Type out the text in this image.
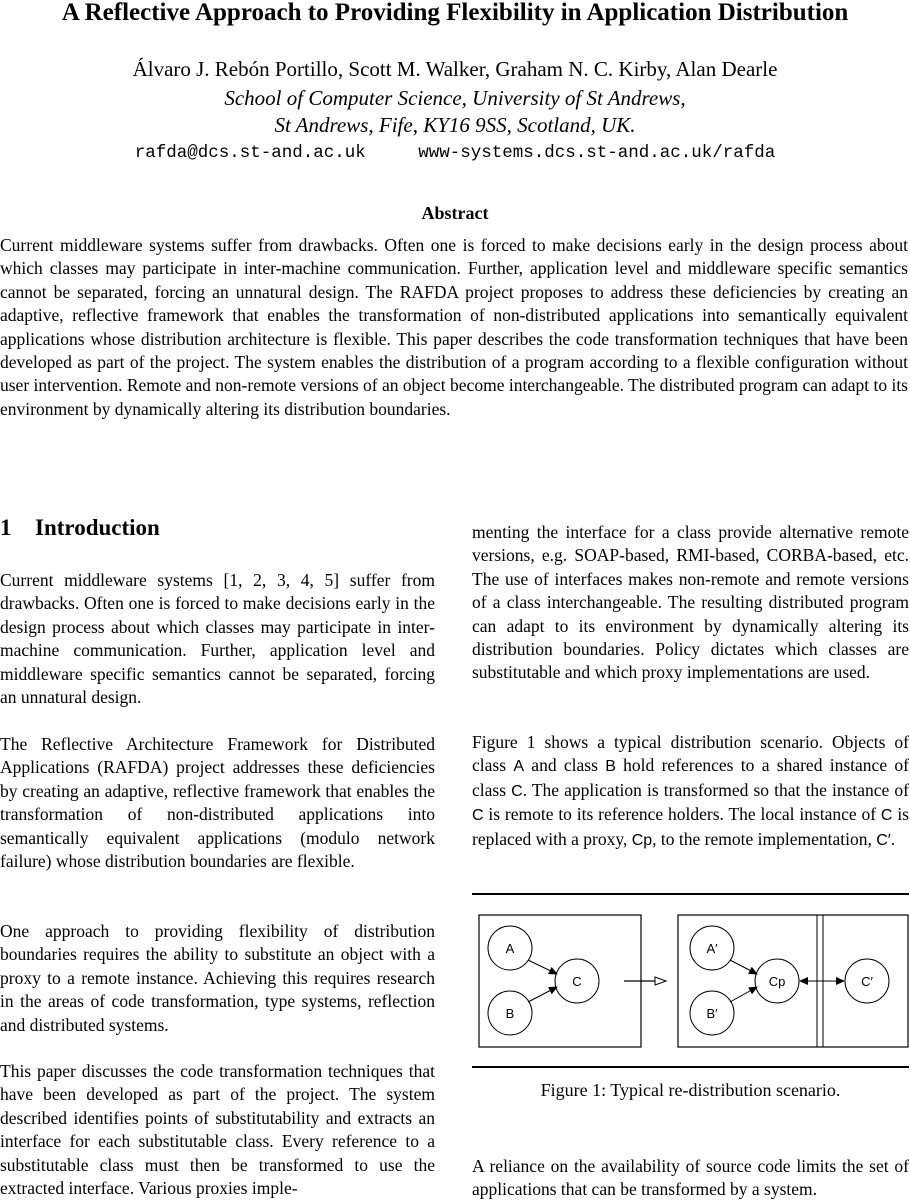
A Reflective Approach to Providing Flexibility in Application Distribution
Álvaro J. Rebón Portillo, Scott M. Walker, Graham N. C. Kirby, Alan Dearle
School of Computer Science, University of St Andrews,
St Andrews, Fife, KY16 9SS, Scotland, UK.
rafda@dcs.st-and.ac.uk	www-systems.dcs.st-and.ac.uk/rafda
Abstract
Current middleware systems suffer from drawbacks. Often one is forced to make decisions early in the design process about which classes may participate in inter-machine communication. Further, application level and middleware specific semantics cannot be separated, forcing an unnatural design. The RAFDA project proposes to address these deficiencies by creating an adaptive, reflective framework that enables the transformation of non-distributed applications into semantically equivalent applications whose distribution architecture is flexible. This paper describes the code transformation techniques that have been developed as part of the project. The system enables the distribution of a program according to a flexible configuration without user intervention. Remote and non-remote versions of an object become interchangeable. The distributed program can adapt to its environment by dynamically altering its distribution boundaries.
1 Introduction
Current middleware systems [1, 2, 3, 4, 5] suffer from drawbacks. Often one is forced to make decisions early in the design process about which classes may participate in inter-machine communication. Further, application level and middleware specific semantics cannot be separated, forcing an unnatural design.
The Reflective Architecture Framework for Distributed Applications (RAFDA) project addresses these deficiencies by creating an adaptive, reflective framework that enables the transformation of non-distributed applications into semantically equivalent applications (modulo network failure) whose distribution boundaries are flexible.
One approach to providing flexibility of distribution boundaries requires the ability to substitute an object with a proxy to a remote instance. Achieving this requires research in the areas of code transformation, type systems, reflection and distributed systems.
This paper discusses the code transformation techniques that have been developed as part of the project. The system described identifies points of substitutability and extracts an interface for each substitutable class. Every reference to a substitutable class must then be transformed to use the extracted interface. Various proxies imple-
menting the interface for a class provide alternative remote versions, e.g. SOAP-based, RMI-based, CORBA-based, etc. The use of interfaces makes non-remote and remote versions of a class interchangeable. The resulting distributed program can adapt to its environment by dynamically altering its distribution boundaries. Policy dictates which classes are substitutable and which proxy implementations are used.
Figure 1 shows a typical distribution scenario. Objects of class A and class B hold references to a shared instance of class C. The application is transformed so that the instance of C is remote to its reference holders. The local instance of C is replaced with a proxy, Cp, to the remote implementation, C′.
A
B
C
A′
B′
Cp	C′
Figure 1: Typical re-distribution scenario.
A reliance on the availability of source code limits the set of applications that can be transformed by a system.
